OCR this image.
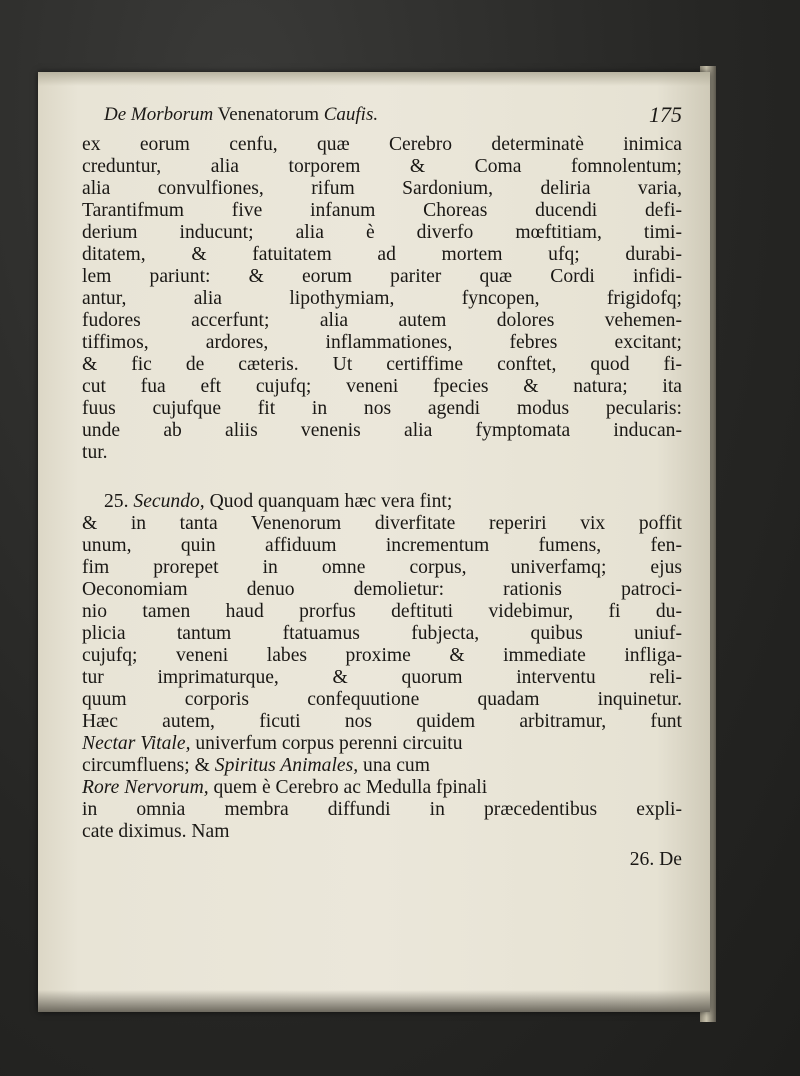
De Morborum Venenatorum Caufis.	175
ex eorum cenfu, quæ Cerebro determinatè inimica
creduntur, alia torporem & Coma fomnolentum;
alia convulfiones, rifum Sardonium, deliria varia,
Tarantifmum five infanum Choreas ducendi defi-
derium inducunt; alia è diverfo mœftitiam, timi-
ditatem, & fatuitatem ad mortem ufq; durabi-
lem pariunt: & eorum pariter quæ Cordi infidi-
antur, alia lipothymiam, fyncopen, frigidofq;
fudores accerfunt; alia autem dolores vehemen-
tiffimos, ardores, inflammationes, febres excitant;
& fic de cæteris. Ut certiffime conftet, quod fi-
cut fua eft cujufq; veneni fpecies & natura; ita
fuus cujufque fit in nos agendi modus pecularis:
unde ab aliis venenis alia fymptomata inducan-
tur.
25. Secundo, Quod quanquam hæc vera fint;
& in tanta Venenorum diverfitate reperiri vix poffit
unum, quin affiduum incrementum fumens, fen-
fim prorepet in omne corpus, univerfamq; ejus
Oeconomiam denuo demolietur: rationis patroci-
nio tamen haud prorfus deftituti videbimur, fi du-
plicia tantum ftatuamus fubjecta, quibus uniuf-
cujufq; veneni labes proxime & immediate infliga-
tur imprimaturque, & quorum interventu reli-
quum corporis confequutione quadam inquinetur.
Hæc autem, ficuti nos quidem arbitramur, funt
Nectar Vitale, univerfum corpus perenni circuitu
circumfluens; & Spiritus Animales, una cum
Rore Nervorum, quem è Cerebro ac Medulla fpinali
in omnia membra diffundi in præcedentibus expli-
cate diximus. Nam
26. De
